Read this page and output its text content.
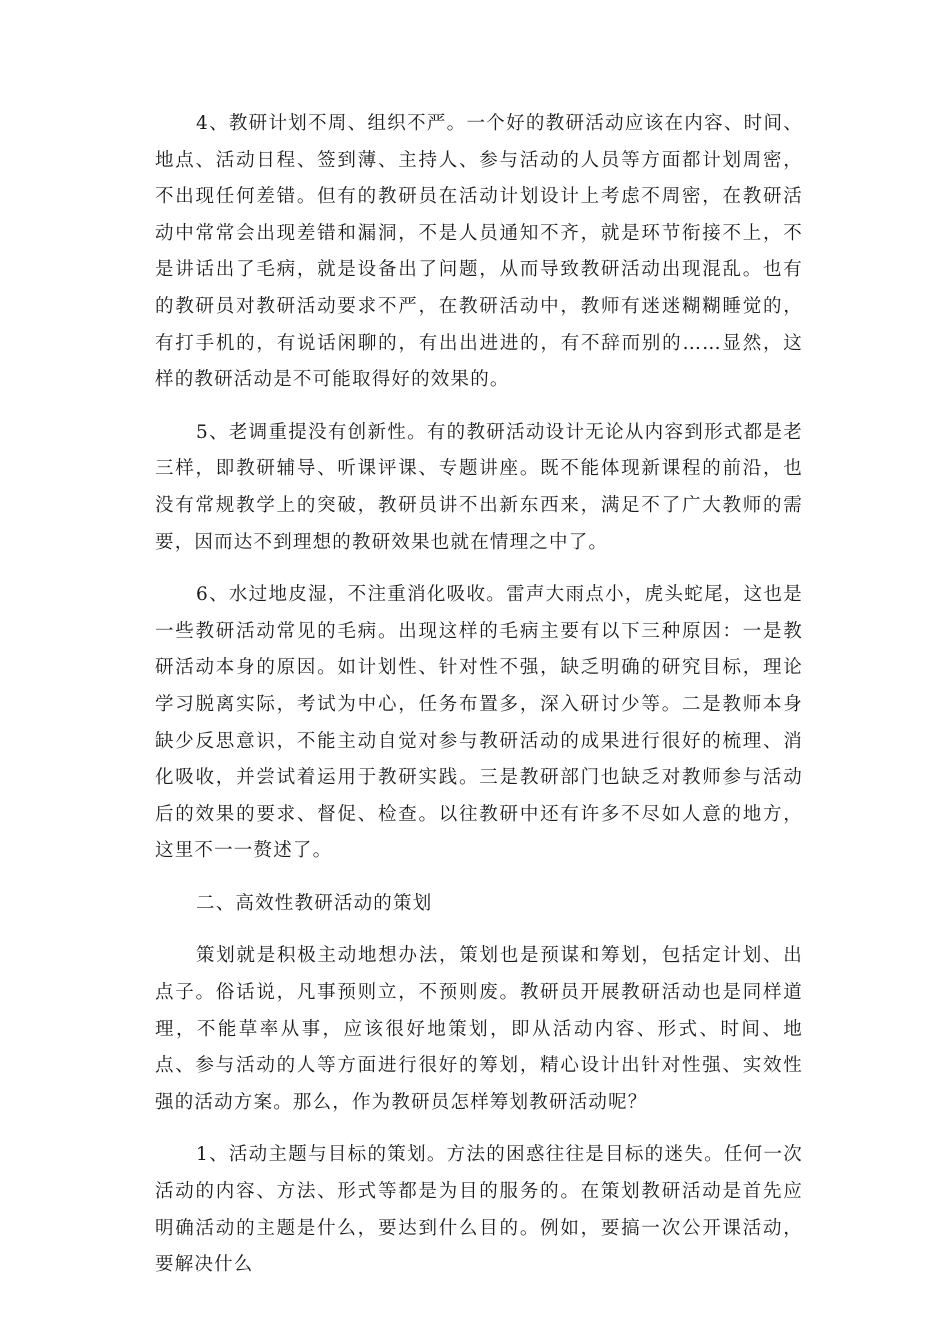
4、教研计划不周、组织不严。一个好的教研活动应该在内容、时间、地点、活动日程、签到薄、主持人、参与活动的人员等方面都计划周密，不出现任何差错。但有的教研员在活动计划设计上考虑不周密，在教研活动中常常会出现差错和漏洞，不是人员通知不齐，就是环节衔接不上，不是讲话出了毛病，就是设备出了问题，从而导致教研活动出现混乱。也有的教研员对教研活动要求不严，在教研活动中，教师有迷迷糊糊睡觉的，有打手机的，有说话闲聊的，有出出进进的，有不辞而别的……显然，这样的教研活动是不可能取得好的效果的。

5、老调重提没有创新性。有的教研活动设计无论从内容到形式都是老三样，即教研辅导、听课评课、专题讲座。既不能体现新课程的前沿，也没有常规教学上的突破，教研员讲不出新东西来，满足不了广大教师的需要，因而达不到理想的教研效果也就在情理之中了。

6、水过地皮湿，不注重消化吸收。雷声大雨点小，虎头蛇尾，这也是一些教研活动常见的毛病。出现这样的毛病主要有以下三种原因：一是教研活动本身的原因。如计划性、针对性不强，缺乏明确的研究目标，理论学习脱离实际，考试为中心，任务布置多，深入研讨少等。二是教师本身缺少反思意识，不能主动自觉对参与教研活动的成果进行很好的梳理、消化吸收，并尝试着运用于教研实践。三是教研部门也缺乏对教师参与活动后的效果的要求、督促、检查。以往教研中还有许多不尽如人意的地方，这里不一一赘述了。

二、高效性教研活动的策划

策划就是积极主动地想办法，策划也是预谋和筹划，包括定计划、出点子。俗话说，凡事预则立，不预则废。教研员开展教研活动也是同样道理，不能草率从事，应该很好地策划，即从活动内容、形式、时间、地点、参与活动的人等方面进行很好的筹划，精心设计出针对性强、实效性强的活动方案。那么，作为教研员怎样筹划教研活动呢？

1、活动主题与目标的策划。方法的困惑往往是目标的迷失。任何一次活动的内容、方法、形式等都是为目的服务的。在策划教研活动是首先应明确活动的主题是什么，要达到什么目的。例如，要搞一次公开课活动，要解决什么
